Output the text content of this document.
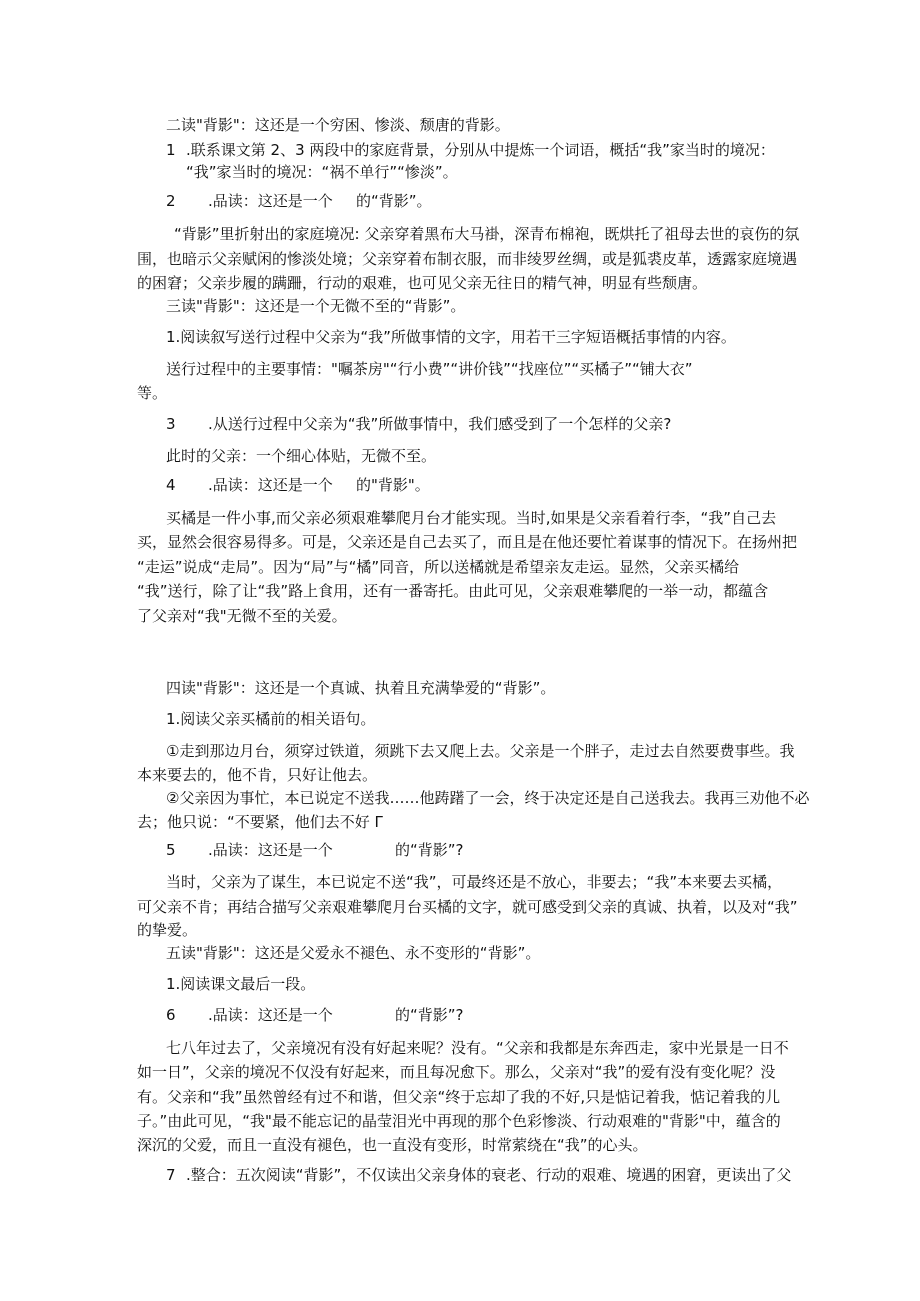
二读"背影"：这还是一个穷困、惨淡、颓唐的背影。
1 .联系课文第 2、3 两段中的家庭背景，分别从中提炼一个词语，概括“我”家当时的境况：
“我”家当时的境况：“祸不单行”“惨淡”。
2 .品读：这还是一个 的“背影”。
“背影”里折射出的家庭境况: 父亲穿着黑布大马褂，深青布棉袍，既烘托了祖母去世的哀伤的氛
围，也暗示父亲赋闲的惨淡处境；父亲穿着布制衣服，而非绫罗丝绸，或是狐裘皮革，透露家庭境遇
的困窘；父亲步履的蹒跚，行动的艰难，也可见父亲无往日的精气神，明显有些颓唐。
三读"背影"：这还是一个无微不至的“背影”。
1.阅读叙写送行过程中父亲为“我”所做事情的文字，用若干三字短语概括事情的内容。
送行过程中的主要事情："嘱茶房"“行小费”“讲价钱”“找座位”“买橘子”“铺大衣”
等。
3 .从送行过程中父亲为“我”所做事情中，我们感受到了一个怎样的父亲?
此时的父亲：一个细心体贴，无微不至。
4 .品读：这还是一个 的"背影"。
买橘是一件小事,而父亲必须艰难攀爬月台才能实现。当时,如果是父亲看着行李，“我”自己去
买，显然会很容易得多。可是，父亲还是自己去买了，而且是在他还要忙着谋事的情况下。在扬州把
“走运”说成“走局”。因为“局”与“橘”同音，所以送橘就是希望亲友走运。显然，父亲买橘给
“我”送行，除了让“我”路上食用，还有一番寄托。由此可见，父亲艰难攀爬的一举一动，都蕴含
了父亲对“我"无微不至的关爱。
四读"背影"：这还是一个真诚、执着且充满挚爱的“背影”。
1.阅读父亲买橘前的相关语句。
①走到那边月台，须穿过铁道，须跳下去又爬上去。父亲是一个胖子，走过去自然要费事些。我
本来要去的，他不肯，只好让他去。
②父亲因为事忙，本已说定不送我……他踌躇了一会，终于决定还是自己送我去。我再三劝他不必
去；他只说：“不要紧，他们去不好 Γ
5 .品读：这还是一个	的“背影”?
当时，父亲为了谋生，本已说定不送“我”，可最终还是不放心，非要去；“我”本来要去买橘，
可父亲不肯；再结合描写父亲艰难攀爬月台买橘的文字，就可感受到父亲的真诚、执着，以及对“我”
的挚爱。
五读"背影"：这还是父爱永不褪色、永不变形的“背影”。
1.阅读课文最后一段。
6 .品读：这还是一个	的“背影”?
七八年过去了，父亲境况有没有好起来呢？没有。“父亲和我都是东奔西走，家中光景是一日不
如一日”，父亲的境况不仅没有好起来，而且每况愈下。那么，父亲对“我”的爱有没有变化呢？没
有。父亲和“我”虽然曾经有过不和谐，但父亲“终于忘却了我的不好,只是惦记着我，惦记着我的儿
子。”由此可见，“我"最不能忘记的晶莹泪光中再现的那个色彩惨淡、行动艰难的"背影"中，蕴含的
深沉的父爱，而且一直没有褪色，也一直没有变形，时常萦绕在“我”的心头。
7 .整合：五次阅读“背影”，不仅读出父亲身体的衰老、行动的艰难、境遇的困窘，更读出了父
